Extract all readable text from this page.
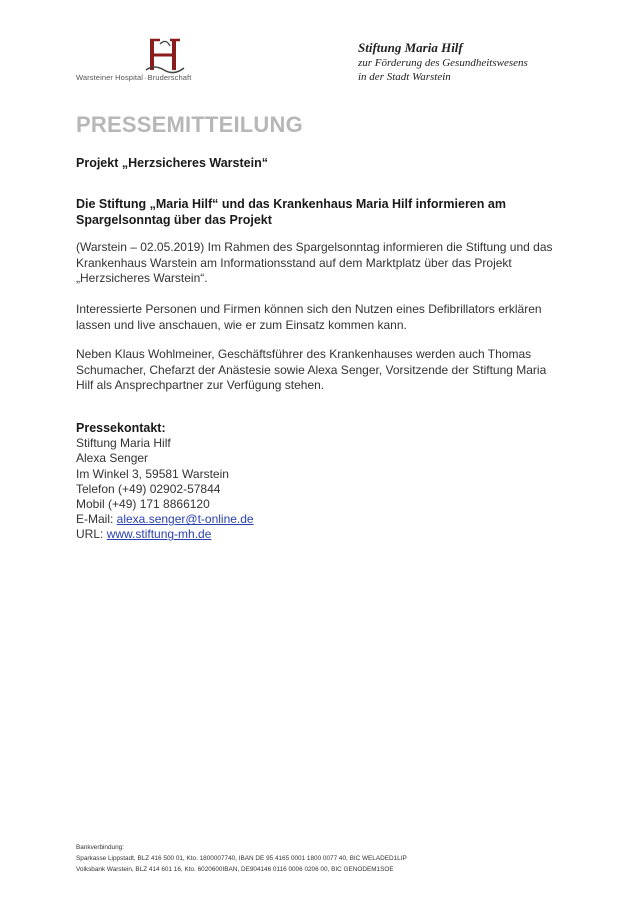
Warsteiner Hospital·Bruderschaft
Stiftung Maria Hilf
zur Förderung des Gesundheitswesens
in der Stadt Warstein
PRESSEMITTEILUNG
Projekt „Herzsicheres Warstein“
Die Stiftung „Maria Hilf“ und das Krankenhaus Maria Hilf informieren am Spargelsonntag über das Projekt
(Warstein – 02.05.2019) Im Rahmen des Spargelsonntag informieren die Stiftung und das Krankenhaus Warstein am Informationsstand auf dem Marktplatz über das Projekt „Herzsicheres Warstein“.
Interessierte Personen und Firmen können sich den Nutzen eines Defibrillators erklären lassen und live anschauen, wie er zum Einsatz kommen kann.
Neben Klaus Wohlmeiner, Geschäftsführer des Krankenhauses werden auch Thomas Schumacher, Chefarzt der Anästesie sowie Alexa Senger, Vorsitzende der Stiftung Maria Hilf als Ansprechpartner zur Verfügung stehen.
Pressekontakt:
Stiftung Maria Hilf
Alexa Senger
Im Winkel 3, 59581 Warstein
Telefon (+49) 02902-57844
Mobil (+49) 171 8866120
E-Mail: alexa.senger@t-online.de
URL: www.stiftung-mh.de
Bankverbindung:
Sparkasse Lippstadt, BLZ 416 500 01, Kto. 1800007740, IBAN DE 95 4165 0001 1800 0077 40, BIC WELADED1LIP
Volksbank Warstein, BLZ 414 601 16, Kto. 6020600IBAN, DE904146 0116 0006 0206 00, BIC GENODEM1SOE
